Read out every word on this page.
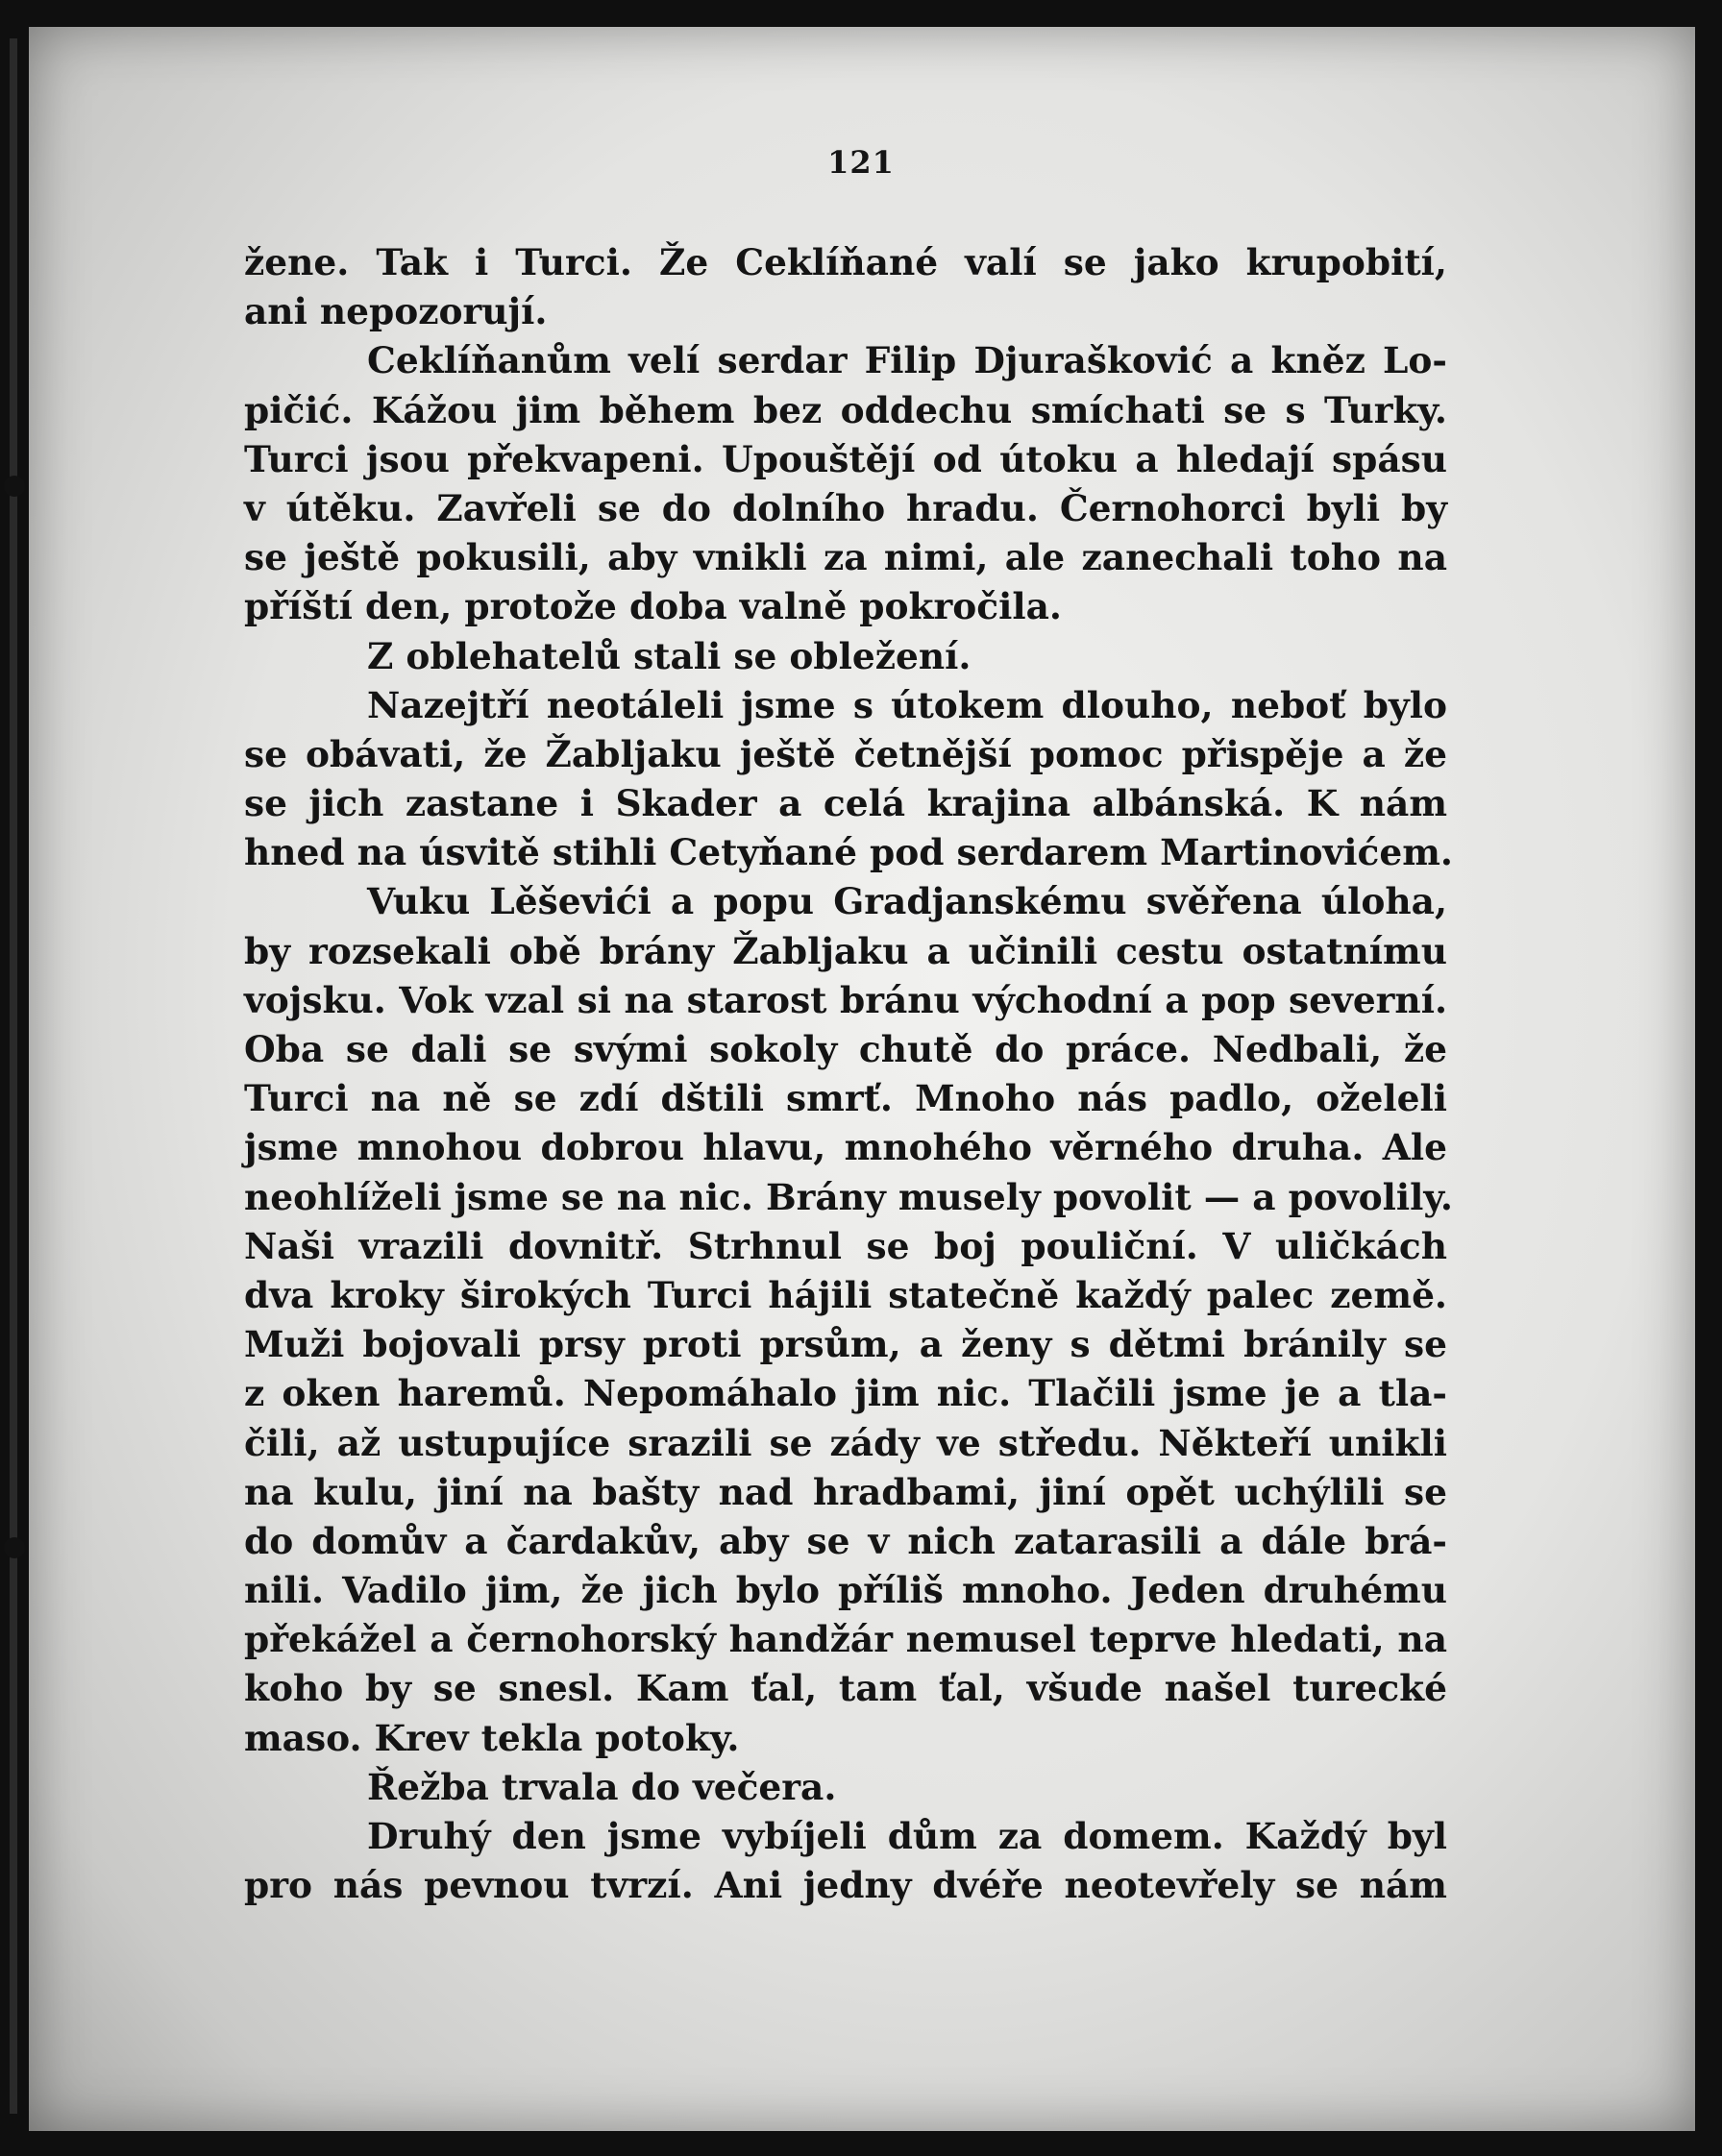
121
žene. Tak i Turci. Že Ceklíňané valí se jako krupobití,
ani nepozorují.
Ceklíňanům velí serdar Filip Djurašković a kněz Lo-
pičić. Kážou jim během bez oddechu smíchati se s Turky.
Turci jsou překvapeni. Upouštějí od útoku a hledají spásu
v útěku. Zavřeli se do dolního hradu. Černohorci byli by
se ještě pokusili, aby vnikli za nimi, ale zanechali toho na
příští den, protože doba valně pokročila.
Z oblehatelů stali se obležení.
Nazejtří neotáleli jsme s útokem dlouho, neboť bylo
se obávati, že Žabljaku ještě četnější pomoc přispěje a že
se jich zastane i Skader a celá krajina albánská. K nám
hned na úsvitě stihli Cetyňané pod serdarem Martinovićem.
Vuku Lěševići a popu Gradjanskému svěřena úloha,
by rozsekali obě brány Žabljaku a učinili cestu ostatnímu
vojsku. Vok vzal si na starost bránu východní a pop severní.
Oba se dali se svými sokoly chutě do práce. Nedbali, že
Turci na ně se zdí dštili smrť. Mnoho nás padlo, oželeli
jsme mnohou dobrou hlavu, mnohého věrného druha. Ale
neohlíželi jsme se na nic. Brány musely povolit — a povolily.
Naši vrazili dovnitř. Strhnul se boj pouliční. V uličkách
dva kroky širokých Turci hájili statečně každý palec země.
Muži bojovali prsy proti prsům, a ženy s dětmi bránily se
z oken haremů. Nepomáhalo jim nic. Tlačili jsme je a tla-
čili, až ustupujíce srazili se zády ve středu. Někteří unikli
na kulu, jiní na bašty nad hradbami, jiní opět uchýlili se
do domův a čardakův, aby se v nich zatarasili a dále brá-
nili. Vadilo jim, že jich bylo příliš mnoho. Jeden druhému
překážel a černohorský handžár nemusel teprve hledati, na
koho by se snesl. Kam ťal, tam ťal, všude našel turecké
maso. Krev tekla potoky.
Řežba trvala do večera.
Druhý den jsme vybíjeli dům za domem. Každý byl
pro nás pevnou tvrzí. Ani jedny dvéře neotevřely se nám
